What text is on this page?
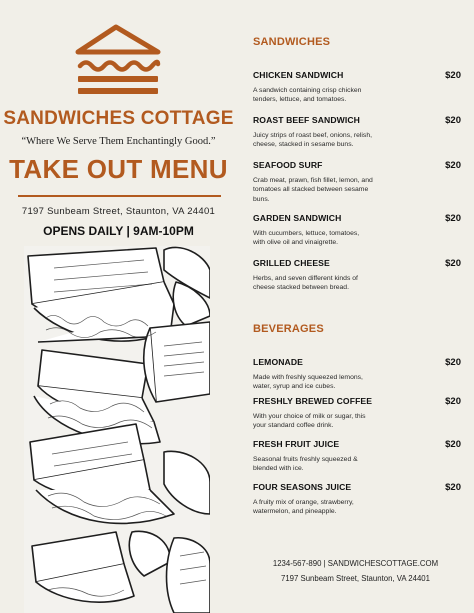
SANDWICHES COTTAGE
“Where We Serve Them Enchantingly Good.”
TAKE OUT MENU
7197 Sunbeam Street, Staunton, VA 24401
OPENS DAILY | 9AM-10PM
SANDWICHES
CHICKEN SANDWICH	$20
A sandwich containing crisp chicken tenders, lettuce, and tomatoes.
ROAST BEEF SANDWICH	$20
Juicy strips of roast beef, onions, relish, cheese, stacked in sesame buns.
SEAFOOD SURF	$20
Crab meat, prawn, fish fillet, lemon, and tomatoes all stacked between sesame buns.
GARDEN SANDWICH	$20
With cucumbers, lettuce, tomatoes, with olive oil and vinaigrette.
GRILLED CHEESE	$20
Herbs, and seven different kinds of cheese stacked between bread.
BEVERAGES
LEMONADE	$20
Made with freshly squeezed lemons, water, syrup and ice cubes.
FRESHLY BREWED COFFEE	$20
With your choice of milk or sugar, this your standard coffee drink.
FRESH FRUIT JUICE	$20
Seasonal fruits freshly squeezed & blended with ice.
FOUR SEASONS JUICE	$20
A fruity mix of orange, strawberry, watermelon, and pineapple.
1234-567-890 | SANDWICHESCOTTAGE.COM
7197 Sunbeam Street, Staunton, VA 24401
